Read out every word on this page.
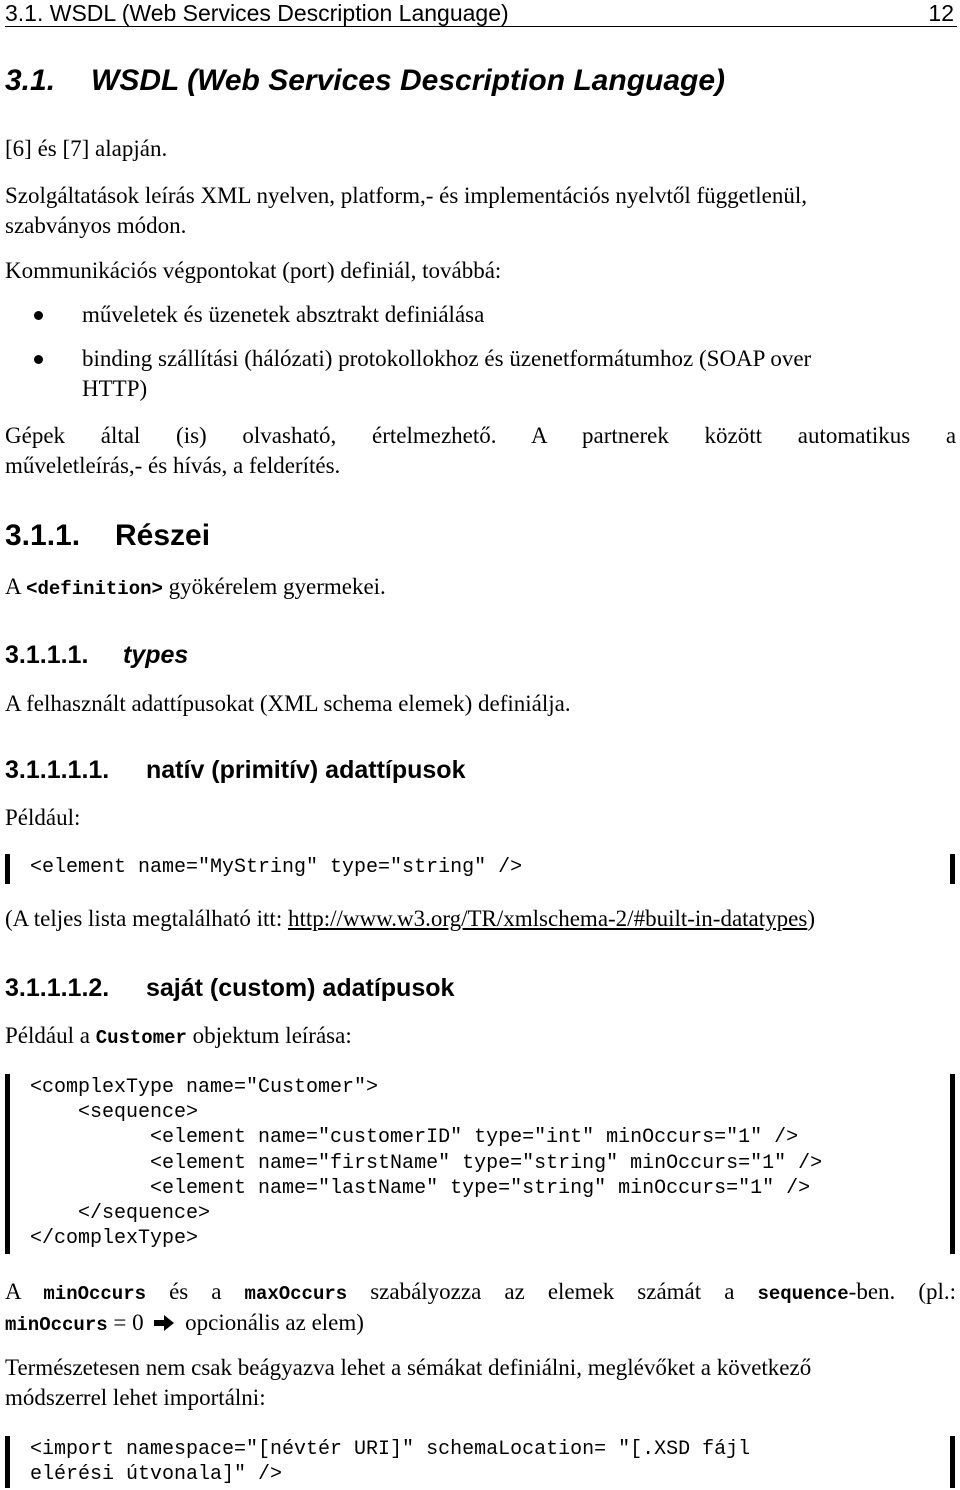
3.1. WSDL (Web Services Description Language)	12
3.1. WSDL (Web Services Description Language)
[6] és [7] alapján.
Szolgáltatások leírás XML nyelven, platform,- és implementációs nyelvtől függetlenül,
szabványos módon.
Kommunikációs végpontokat (port) definiál, továbbá:
műveletek és üzenetek absztrakt definiálása
binding szállítási (hálózati) protokollokhoz és üzenetformátumhoz (SOAP over
HTTP)
Gépek által (is) olvasható, értelmezhető. A partnerek között automatikus a
műveletleírás,- és hívás, a felderítés.
3.1.1. Részei
A <definition> gyökérelem gyermekei.
3.1.1.1. types
A felhasznált adattípusokat (XML schema elemek) definiálja.
3.1.1.1.1. natív (primitív) adattípusok
Például:
<element name="MyString" type="string" />
(A teljes lista megtalálható itt: http://www.w3.org/TR/xmlschema-2/#built-in-datatypes)
3.1.1.1.2. saját (custom) adatípusok
Például a Customer objektum leírása:
<complexType name="Customer">
<sequence>
<element name="customerID" type="int" minOccurs="1" />
<element name="firstName" type="string" minOccurs="1" />
<element name="lastName" type="string" minOccurs="1" />
</sequence>
</complexType>
A minOccurs és a maxOccurs szabályozza az elemek számát a sequence-ben. (pl.:
minOccurs = 0  opcionális az elem)
Természetesen nem csak beágyazva lehet a sémákat definiálni, meglévőket a következő
módszerrel lehet importálni:
<import namespace="[névtér URI]" schemaLocation= "[.XSD fájl
elérési útvonala]" />
